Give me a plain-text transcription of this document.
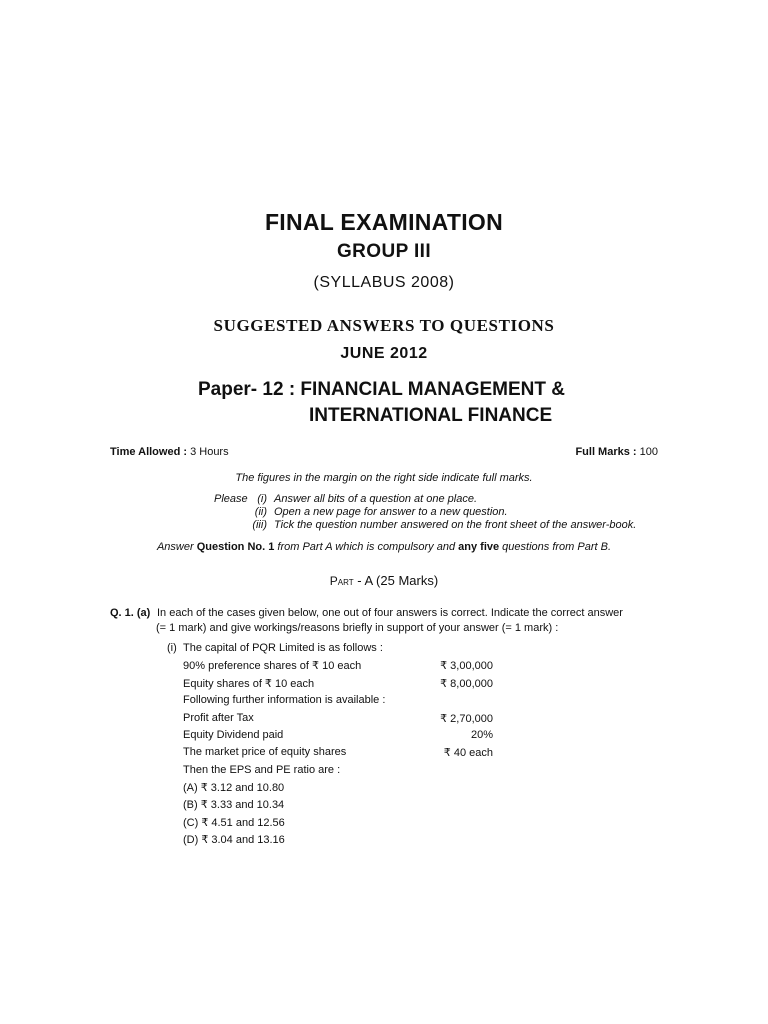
FINAL EXAMINATION
GROUP III
(SYLLABUS 2008)
SUGGESTED ANSWERS TO QUESTIONS
JUNE 2012
Paper- 12 : FINANCIAL MANAGEMENT &
INTERNATIONAL FINANCE
Time Allowed : 3 Hours	Full Marks : 100
The figures in the margin on the right side indicate full marks.
Please (i) Answer all bits of a question at one place.
(ii) Open a new page for answer to a new question.
(iii) Tick the question number answered on the front sheet of the answer-book.
Answer Question No. 1 from Part A which is compulsory and any five questions from Part B.
Part - A (25 Marks)
Q. 1. (a) In each of the cases given below, one out of four answers is correct. Indicate the correct answer
(= 1 mark) and give workings/reasons briefly in support of your answer (= 1 mark) :
(i) The capital of PQR Limited is as follows :
90% preference shares of ₹ 10 each	₹ 3,00,000
Equity shares of ₹ 10 each	₹ 8,00,000
Following further information is available :
Profit after Tax	₹ 2,70,000
Equity Dividend paid	20%
The market price of equity shares	₹ 40 each
Then the EPS and PE ratio are :
(A) ₹ 3.12 and 10.80
(B) ₹ 3.33 and 10.34
(C) ₹ 4.51 and 12.56
(D) ₹ 3.04 and 13.16
